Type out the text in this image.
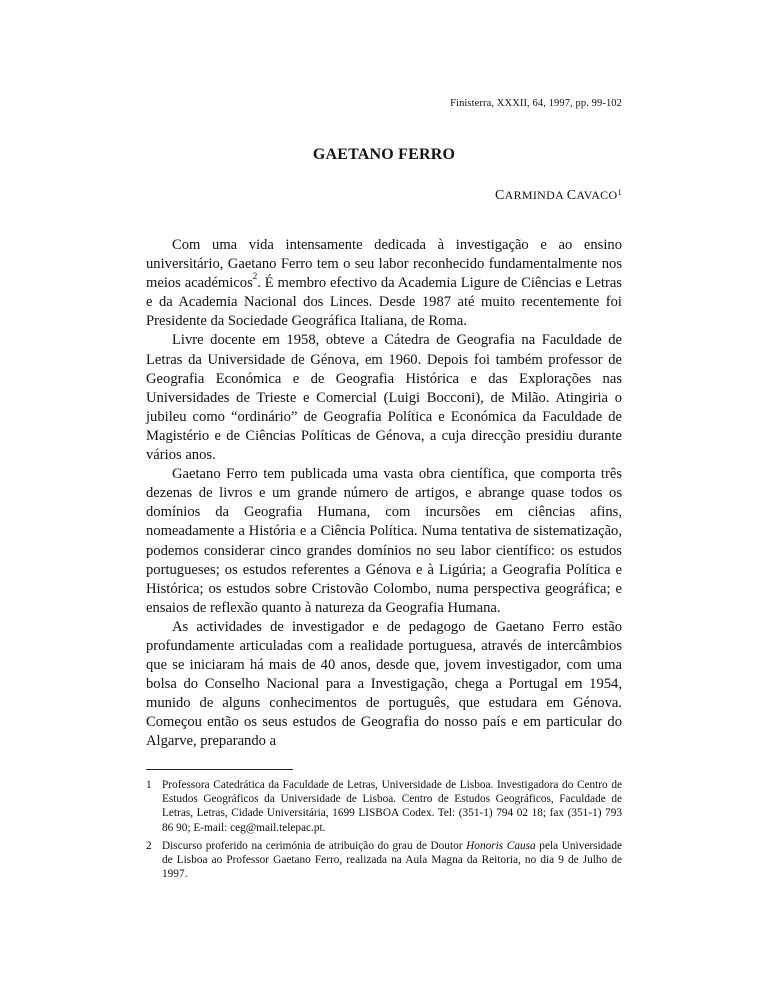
Finisterra, XXXII, 64, 1997, pp. 99-102
GAETANO FERRO
CARMINDA CAVACO$^1$

Com uma vida intensamente dedicada à investigação e ao ensino universitário, Gaetano Ferro tem o seu labor reconhecido fundamentalmente nos meios académicos$^2$. É membro efectivo da Academia Ligure de Ciências e Letras e da Academia Nacional dos Linces. Desde 1987 até muito recentemente foi Presidente da Sociedade Geográfica Italiana, de Roma.

Livre docente em 1958, obteve a Cátedra de Geografia na Faculdade de Letras da Universidade de Génova, em 1960. Depois foi também professor de Geografia Económica e de Geografia Histórica e das Explorações nas Universidades de Trieste e Comercial (Luigi Bocconi), de Milão. Atingiria o jubileu como “ordinário” de Geografia Política e Económica da Faculdade de Magistério e de Ciências Políticas de Génova, a cuja direcção presidiu durante vários anos.

Gaetano Ferro tem publicada uma vasta obra científica, que comporta três dezenas de livros e um grande número de artigos, e abrange quase todos os domínios da Geografia Humana, com incursões em ciências afins, nomeadamente a História e a Ciência Política. Numa tentativa de sistematização, podemos considerar cinco grandes domínios no seu labor científico: os estudos portugueses; os estudos referentes a Génova e à Ligúria; a Geografia Política e Histórica; os estudos sobre Cristovão Colombo, numa perspectiva geográfica; e ensaios de reflexão quanto à natureza da Geografia Humana.

As actividades de investigador e de pedagogo de Gaetano Ferro estão profundamente articuladas com a realidade portuguesa, através de intercâmbios que se iniciaram há mais de 40 anos, desde que, jovem investigador, com uma bolsa do Conselho Nacional para a Investigação, chega a Portugal em 1954, munido de alguns conhecimentos de português, que estudara em Génova. Começou então os seus estudos de Geografia do nosso país e em particular do Algarve, preparando a

1 Professora Catedrática da Faculdade de Letras, Universidade de Lisboa. Investigadora do Centro de Estudos Geográficos da Universidade de Lisboa. Centro de Estudos Geográficos, Faculdade de Letras, Letras, Cidade Universitária, 1699 LISBOA Codex. Tel: (351-1) 794 02 18; fax (351-1) 793 86 90; E-mail: ceg@mail.telepac.pt.
2 Discurso proferido na cerimónia de atribuição do grau de Doutor Honoris Causa pela Universidade de Lisboa ao Professor Gaetano Ferro, realizada na Aula Magna da Reitoria, no dia 9 de Julho de 1997.
